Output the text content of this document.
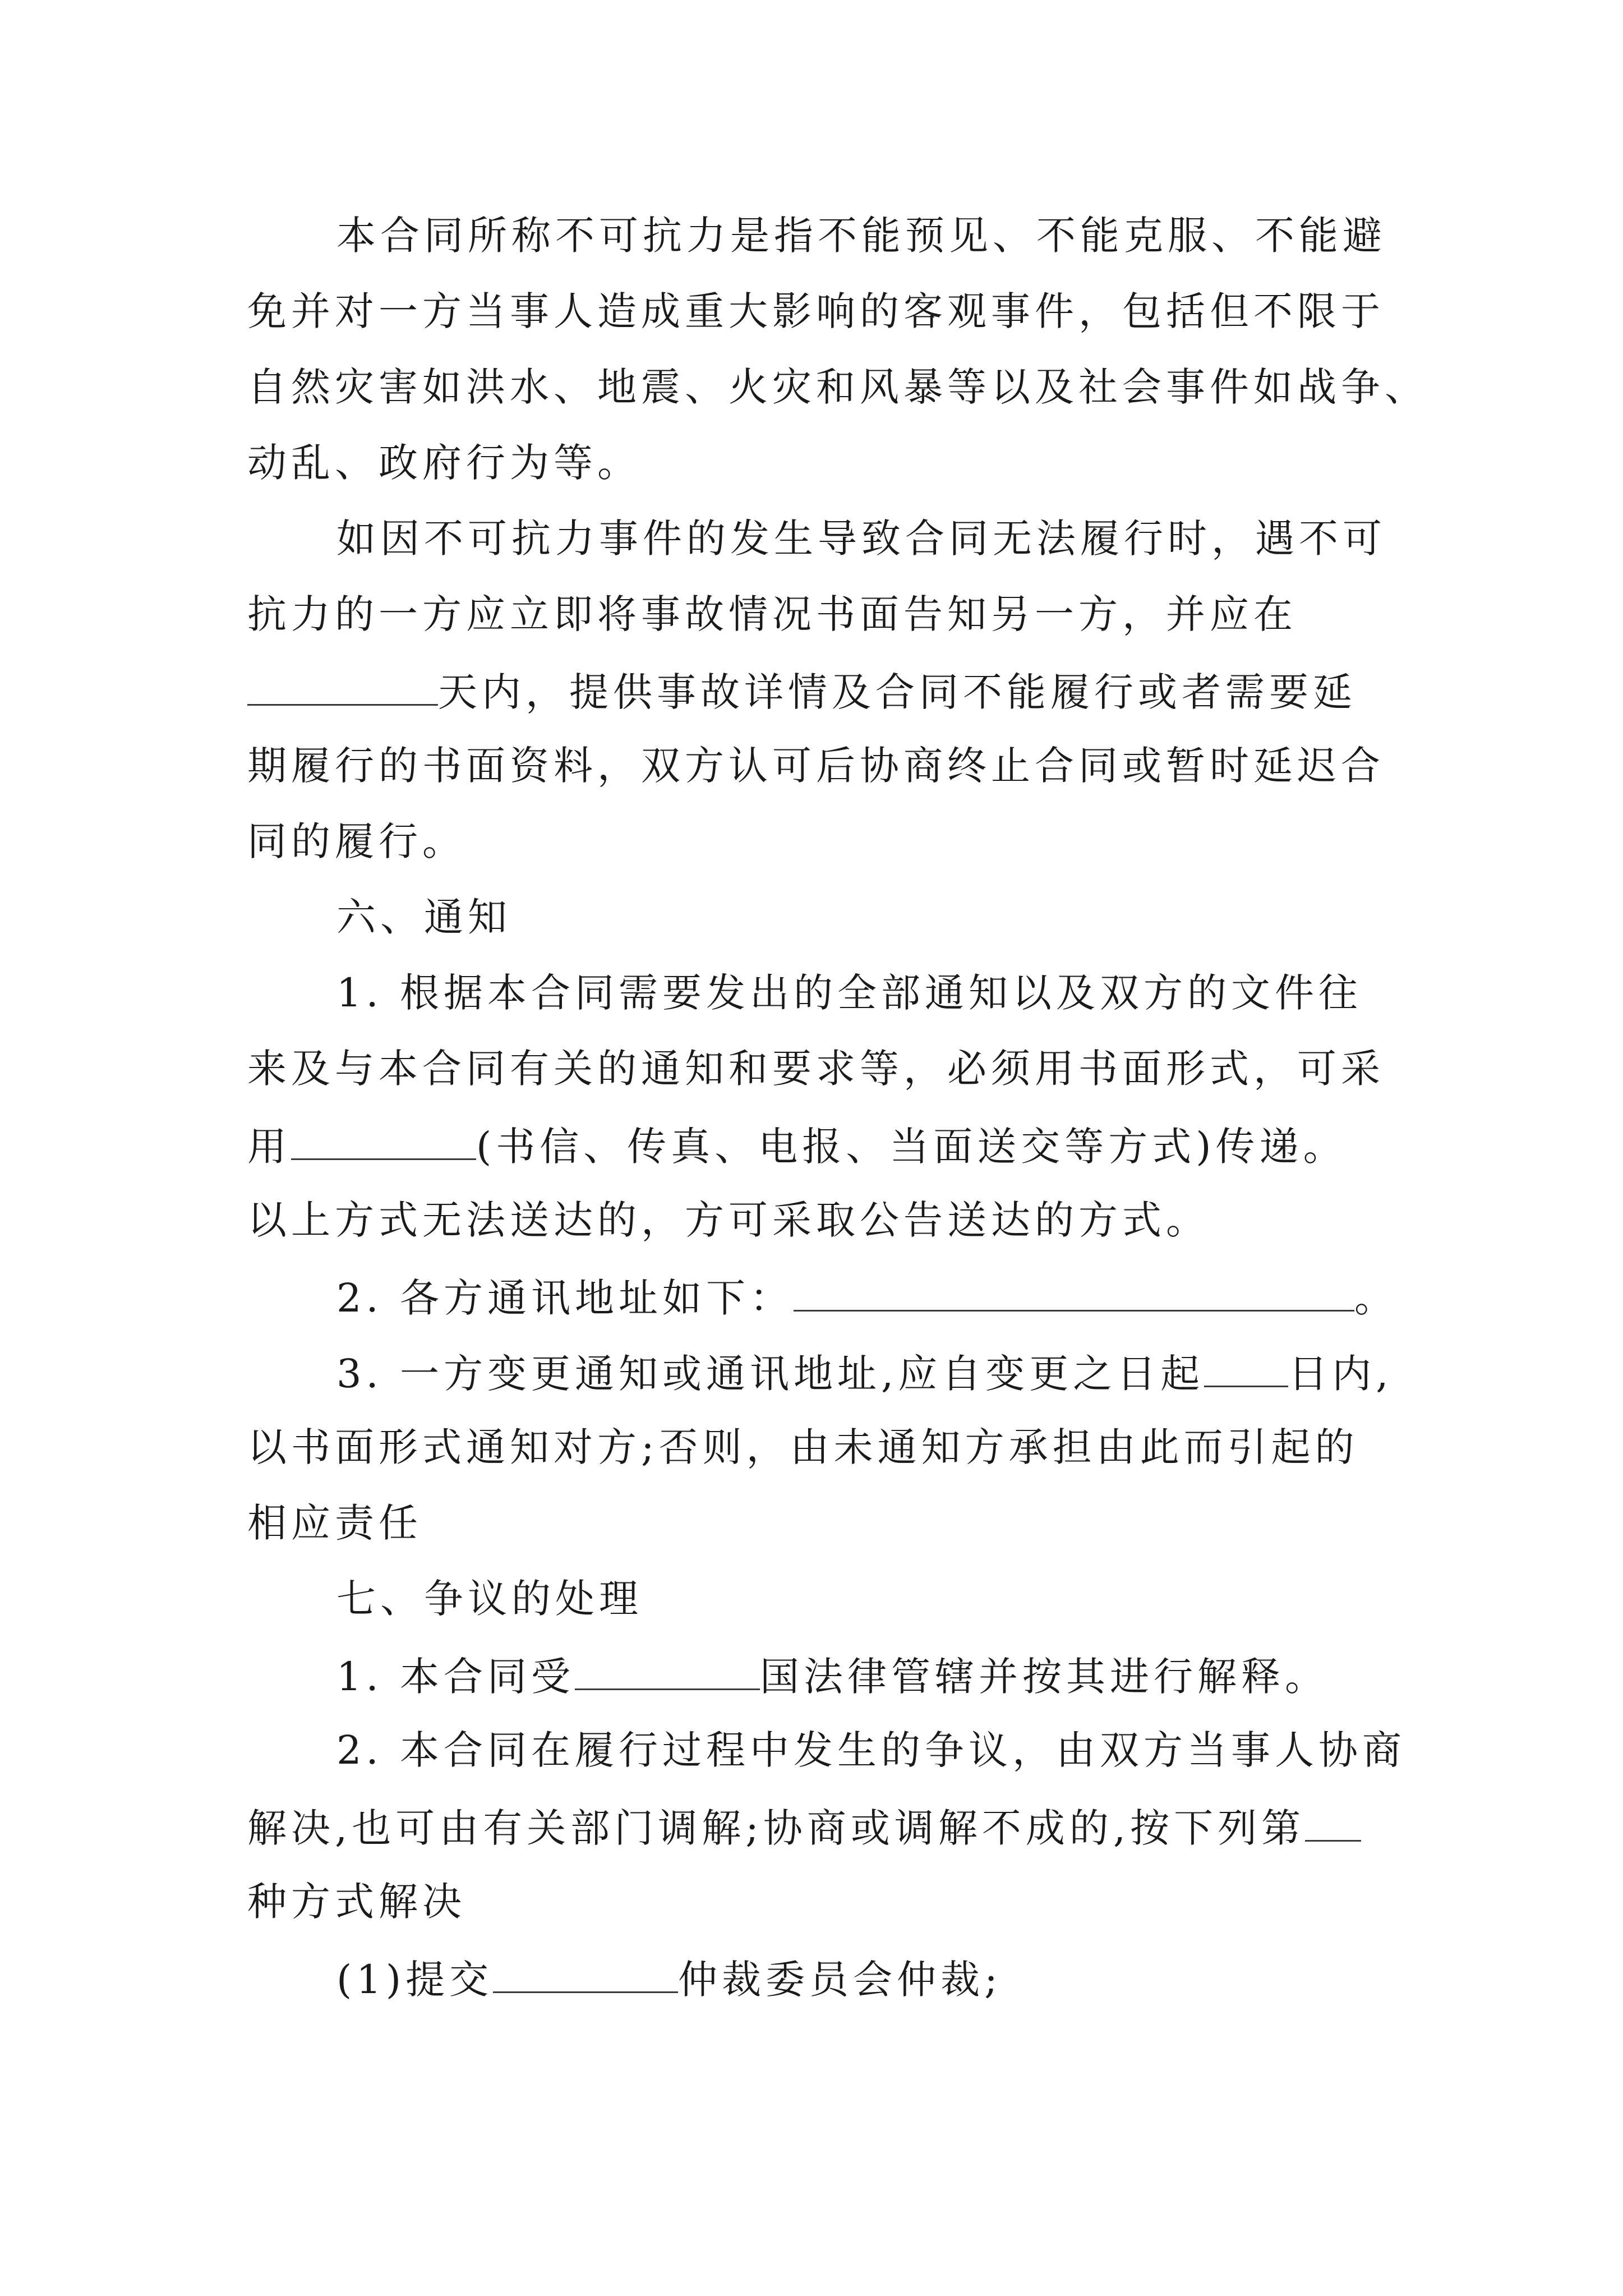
本合同所称不可抗力是指不能预见、不能克服、不能避
免并对一方当事人造成重大影响的客观事件，包括但不限于
自然灾害如洪水、地震、火灾和风暴等以及社会事件如战争、
动乱、政府行为等。
如因不可抗力事件的发生导致合同无法履行时，遇不可
抗力的一方应立即将事故情况书面告知另一方，并应在
天内，提供事故详情及合同不能履行或者需要延
期履行的书面资料，双方认可后协商终止合同或暂时延迟合
同的履行。
六、通知
1. 根据本合同需要发出的全部通知以及双方的文件往
来及与本合同有关的通知和要求等，必须用书面形式，可采
用	(书信、传真、电报、当面送交等方式)传递。
以上方式无法送达的，方可采取公告送达的方式。
2. 各方通讯地址如下：	。
3. 一方变更通知或通讯地址,应自变更之日起 日内,
以书面形式通知对方;否则，由未通知方承担由此而引起的
相应责任
七、争议的处理
1. 本合同受	国法律管辖并按其进行解释。
2. 本合同在履行过程中发生的争议，由双方当事人协商
解决,也可由有关部门调解;协商或调解不成的,按下列第
种方式解决
(1)提交	仲裁委员会仲裁;
